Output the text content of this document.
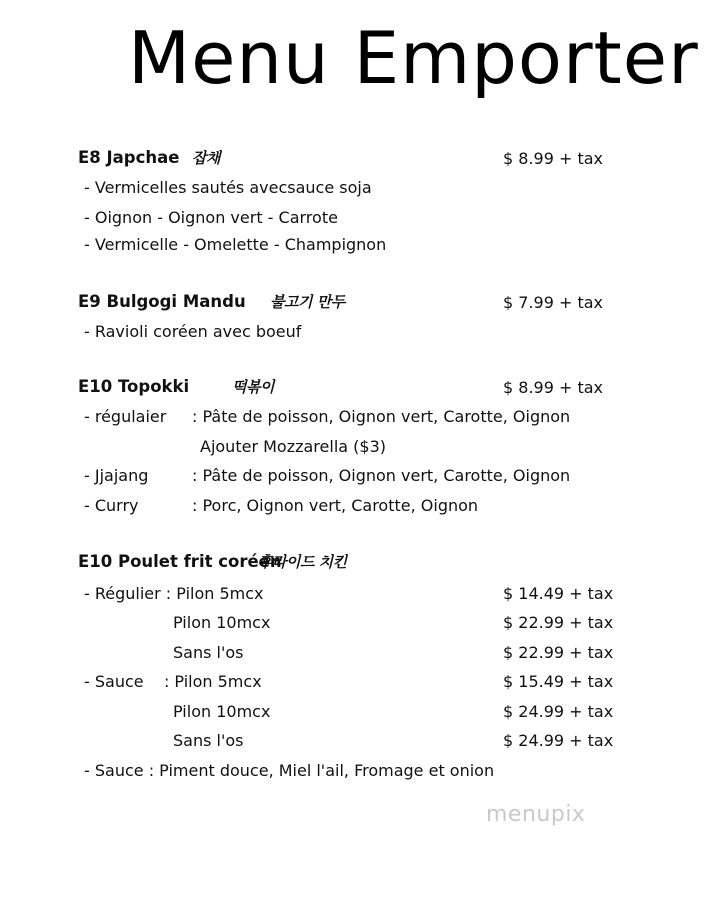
Menu Emporter
E8 Japchae 잡채	$ 8.99 + tax
- Vermicelles sautés avecsauce soja
- Oignon - Oignon vert - Carrote
- Vermicelle - Omelette - Champignon
E9 Bulgogi Mandu 불고기 만두	$ 7.99 + tax
- Ravioli coréen avec boeuf
E10 Topokki	떡볶이	$ 8.99 + tax
- régulaier : Pâte de poisson, Oignon vert, Carotte, Oignon
Ajouter Mozzarella ($3)
- Jjajang	: Pâte de poisson, Oignon vert, Carotte, Oignon
- Curry	: Porc, Oignon vert, Carotte, Oignon
E10 Poulet frit coréen
후라이드 치킨
- Régulier : Pilon 5mcx	$ 14.49 + tax
Pilon 10mcx	$ 22.99 + tax
Sans l'os	$ 22.99 + tax
- Sauce    : Pilon 5mcx	$ 15.49 + tax
Pilon 10mcx	$ 24.99 + tax
Sans l'os	$ 24.99 + tax
- Sauce : Piment douce, Miel l'ail, Fromage et onion
menupix
